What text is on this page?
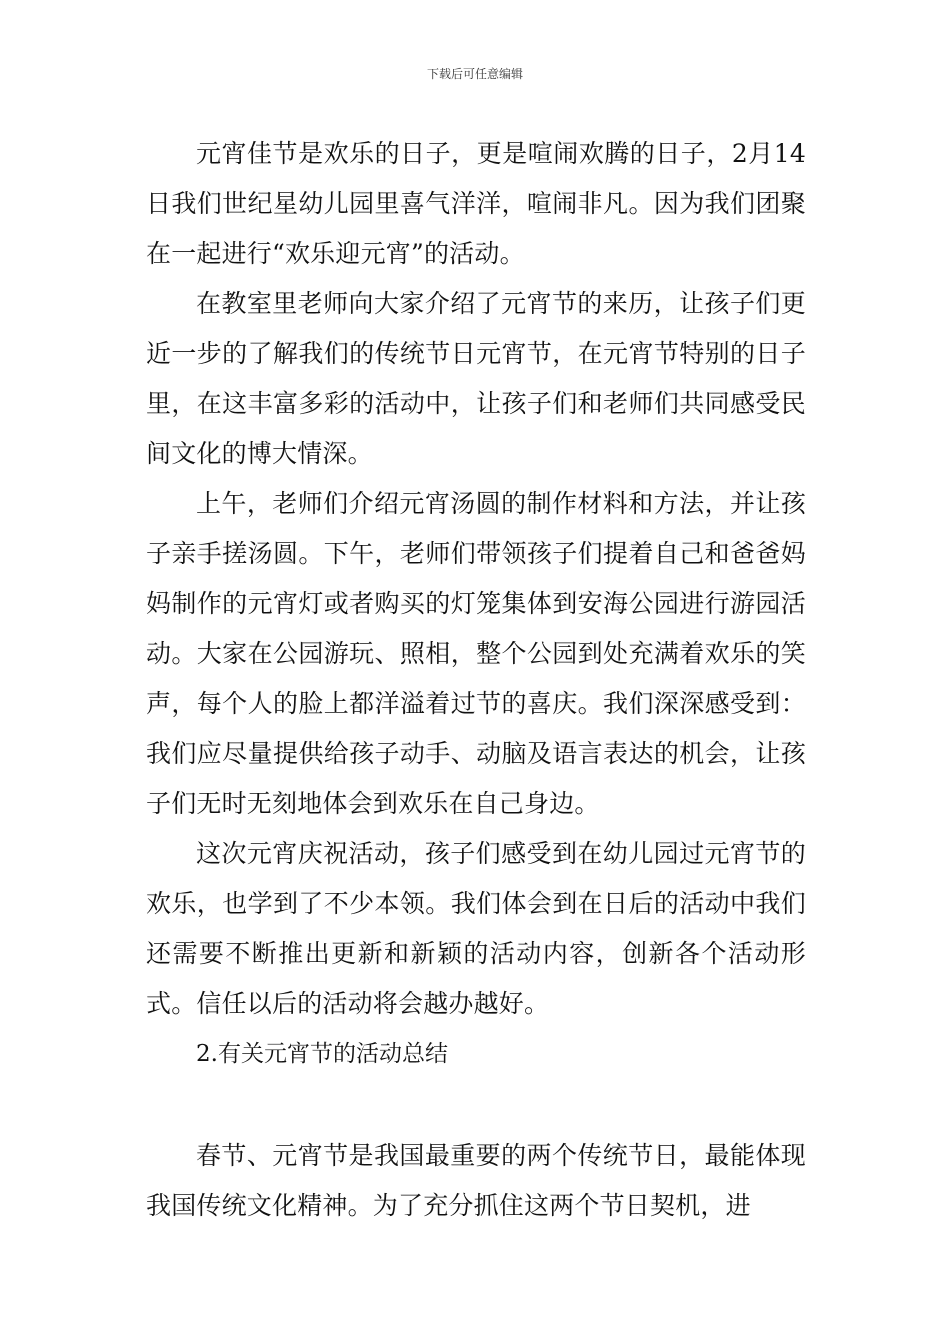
下载后可任意编辑

元宵佳节是欢乐的日子，更是喧闹欢腾的日子，2月14日我们世纪星幼儿园里喜气洋洋，喧闹非凡。因为我们团聚在一起进行“欢乐迎元宵”的活动。

在教室里老师向大家介绍了元宵节的来历，让孩子们更近一步的了解我们的传统节日元宵节，在元宵节特别的日子里，在这丰富多彩的活动中，让孩子们和老师们共同感受民间文化的博大情深。

上午，老师们介绍元宵汤圆的制作材料和方法，并让孩子亲手搓汤圆。下午，老师们带领孩子们提着自己和爸爸妈妈制作的元宵灯或者购买的灯笼集体到安海公园进行游园活动。大家在公园游玩、照相，整个公园到处充满着欢乐的笑声，每个人的脸上都洋溢着过节的喜庆。我们深深感受到：我们应尽量提供给孩子动手、动脑及语言表达的机会，让孩子们无时无刻地体会到欢乐在自己身边。

这次元宵庆祝活动，孩子们感受到在幼儿园过元宵节的欢乐，也学到了不少本领。我们体会到在日后的活动中我们还需要不断推出更新和新颖的活动内容，创新各个活动形式。信任以后的活动将会越办越好。

2.有关元宵节的活动总结

春节、元宵节是我国最重要的两个传统节日，最能体现我国传统文化精神。为了充分抓住这两个节日契机，进
